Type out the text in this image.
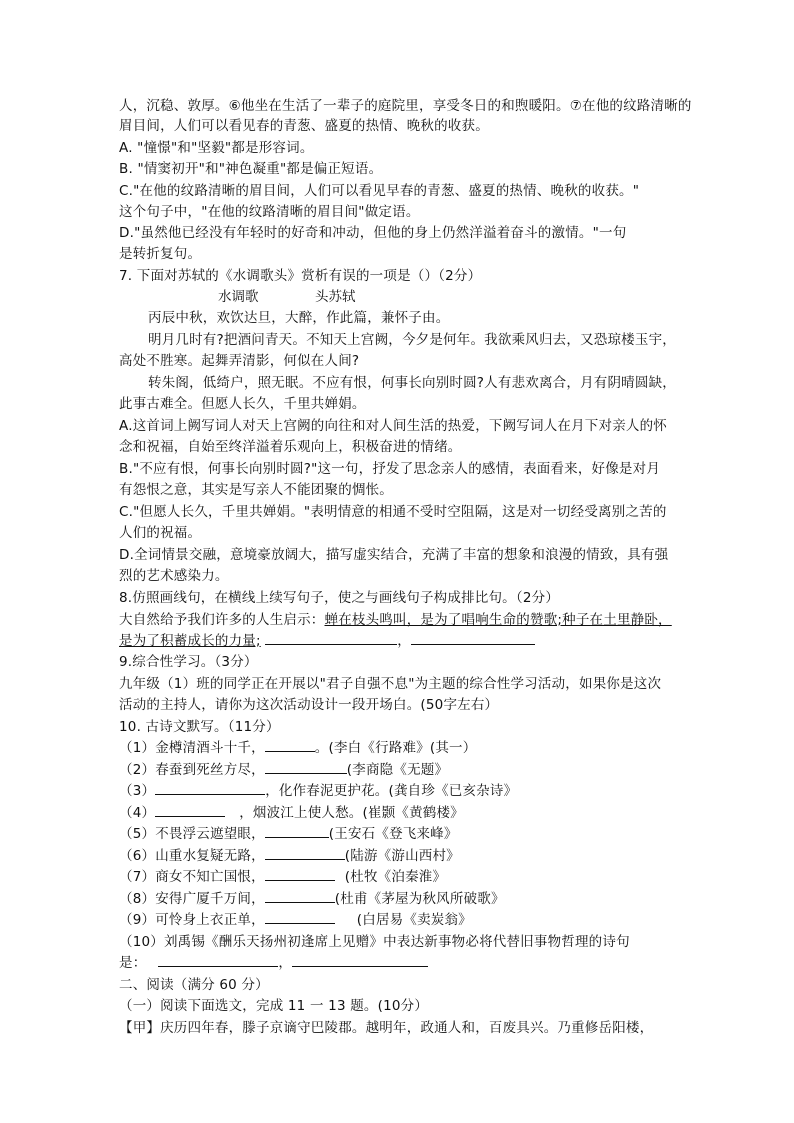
人，沉稳、敦厚。⑥他坐在生活了一辈子的庭院里，享受冬日的和煦暖阳。⑦在他的纹路清晰的
眉目间，人们可以看见春的青葱、盛夏的热情、晚秋的收获。
A. "憧憬"和"坚毅"都是形容词。
B. "情窦初开"和"神色凝重"都是偏正短语。
C."在他的纹路清晰的眉目间，人们可以看见早春的青葱、盛夏的热情、晚秋的收获。"
这个句子中，"在他的纹路清晰的眉目间"做定语。
D."虽然他已经没有年轻时的好奇和冲动，但他的身上仍然洋溢着奋斗的激情。"一句
是转折复句。
7. 下面对苏轼的《水调歌头》赏析有误的一项是（）（2分）
水调歌	头苏轼
丙辰中秋，欢饮达旦，大醉，作此篇，兼怀子由。
明月几时有?把酒问青天。不知天上宫阙，今夕是何年。我欲乘风归去，又恐琼楼玉宇，
高处不胜寒。起舞弄清影，何似在人间?
转朱阁，低绮户，照无眠。不应有恨，何事长向别时圆?人有悲欢离合，月有阴晴圆缺，
此事古难全。但愿人长久，千里共婵娟。
A.这首词上阙写词人对天上宫阙的向往和对人间生活的热爱，下阙写词人在月下对亲人的怀
念和祝福，自始至终洋溢着乐观向上，积极奋进的情绪。
B."不应有恨，何事长向别时圆?"这一句，抒发了思念亲人的感情，表面看来，好像是对月
有怨恨之意，其实是写亲人不能团聚的惆怅。
C."但愿人长久，千里共婵娟。"表明情意的相通不受时空阻隔，这是对一切经受离别之苦的
人们的祝福。
D.全词情景交融，意境豪放阔大，描写虚实结合，充满了丰富的想象和浪漫的情致，具有强
烈的艺术感染力。
8.仿照画线句，在横线上续写句子，使之与画线句子构成排比句。（2分）
大自然给予我们许多的人生启示：蝉在枝头鸣叫，是为了唱响生命的赞歌;种子在土里静卧，
是为了积蓄成长的力量;	，
9.综合性学习。（3分）
九年级（1）班的同学正在开展以"君子自强不息"为主题的综合性学习活动，如果你是这次
活动的主持人，请你为这次活动设计一段开场白。(50字左右）
10. 古诗文默写。（11分）
（1）金樽清酒斗十千，	。(李白《行路难》(其一）
（2）春蚕到死丝方尽，	(李商隐《无题》
（3）	，化作春泥更护花。(龚自珍《已亥杂诗》
（4）	，烟波江上使人愁。(崔颢《黄鹤楼》
（5）不畏浮云遮望眼，	(王安石《登飞来峰》
（6）山重水复疑无路，	(陆游《游山西村》
（7）商女不知亡国恨，	(杜牧《泊秦淮》
（8）安得广厦千万间，	(杜甫《茅屋为秋风所破歌》
（9）可怜身上衣正单，	(白居易《卖炭翁》
（10）刘禹锡《酬乐天扬州初逢席上见赠》中表达新事物必将代替旧事物哲理的诗句
是：	，
二、阅读（满分 60 分）
（一）阅读下面选文，完成 11 一 13 题。(10分）
【甲】庆历四年春，滕子京谪守巴陵郡。越明年，政通人和，百废具兴。乃重修岳阳楼，
